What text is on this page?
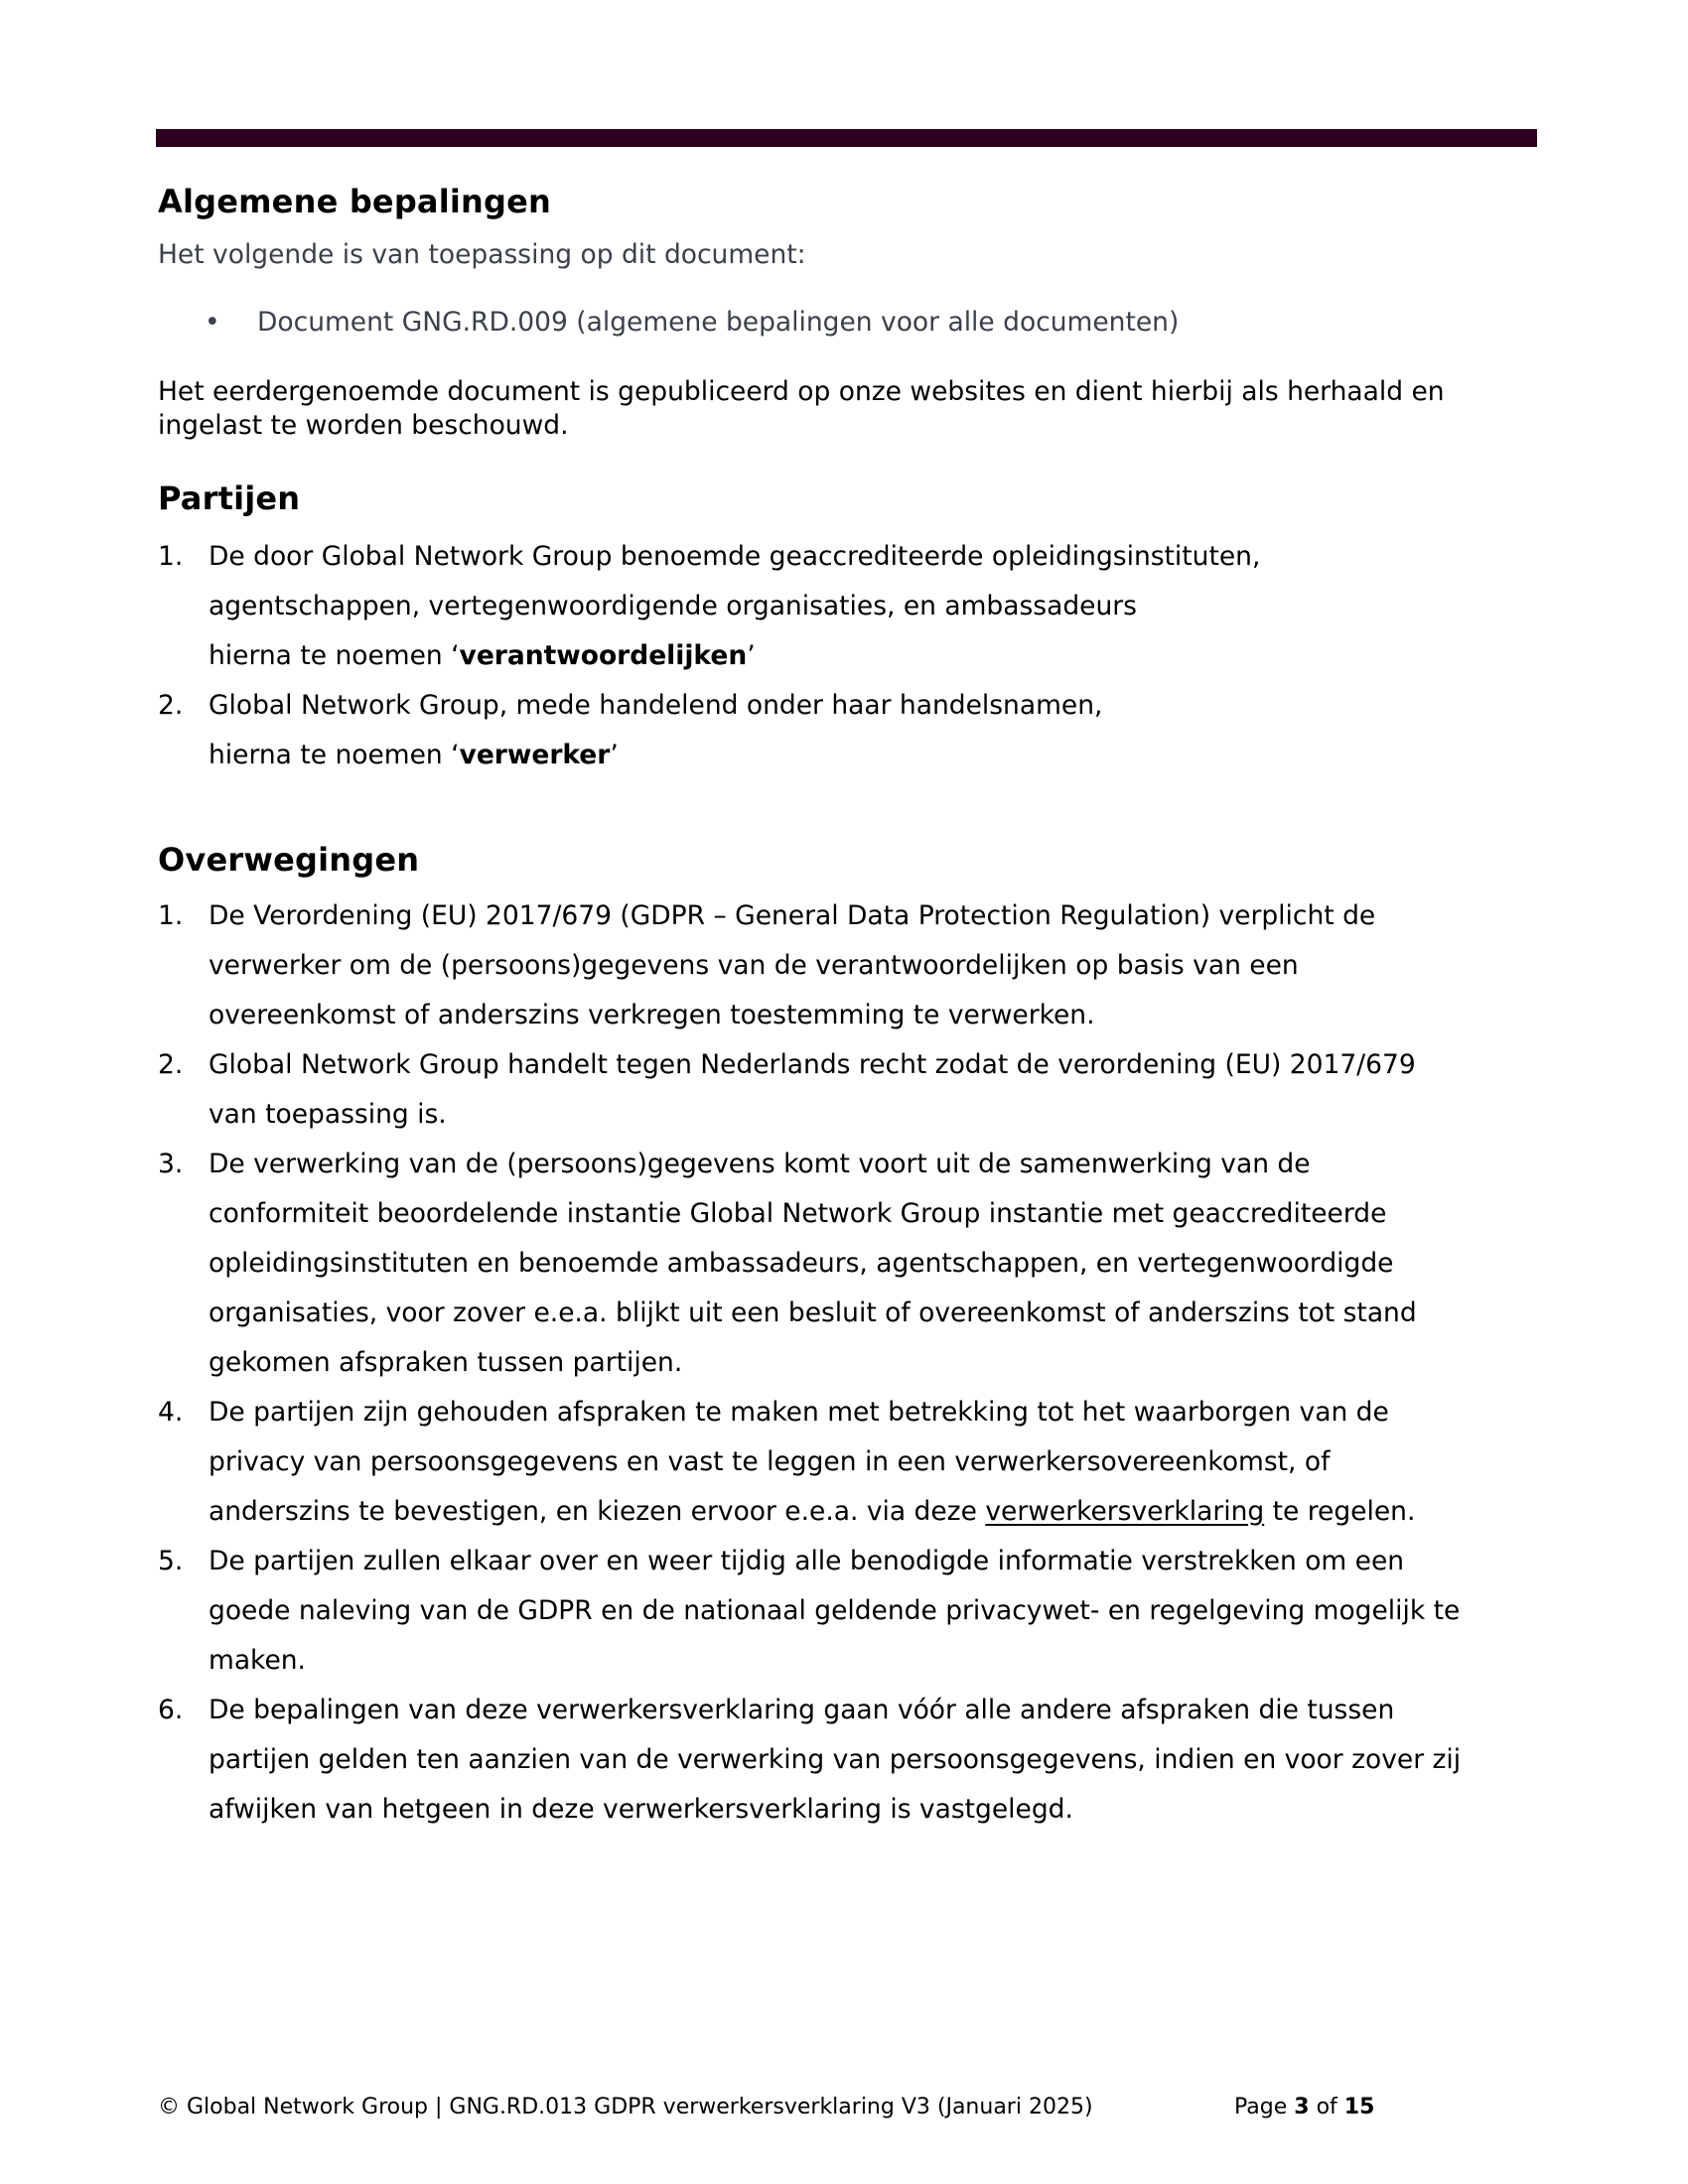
Algemene bepalingen
Het volgende is van toepassing op dit document:
• Document GNG.RD.009 (algemene bepalingen voor alle documenten)
Het eerdergenoemde document is gepubliceerd op onze websites en dient hierbij als herhaald en
ingelast te worden beschouwd.
Partijen
1. De door Global Network Group benoemde geaccrediteerde opleidingsinstituten,
agentschappen, vertegenwoordigende organisaties, en ambassadeurs
hierna te noemen ‘verantwoordelijken’
2. Global Network Group, mede handelend onder haar handelsnamen,
hierna te noemen ‘verwerker’
Overwegingen
1. De Verordening (EU) 2017/679 (GDPR – General Data Protection Regulation) verplicht de
verwerker om de (persoons)gegevens van de verantwoordelijken op basis van een
overeenkomst of anderszins verkregen toestemming te verwerken.
2. Global Network Group handelt tegen Nederlands recht zodat de verordening (EU) 2017/679
van toepassing is.
3. De verwerking van de (persoons)gegevens komt voort uit de samenwerking van de
conformiteit beoordelende instantie Global Network Group instantie met geaccrediteerde
opleidingsinstituten en benoemde ambassadeurs, agentschappen, en vertegenwoordigde
organisaties, voor zover e.e.a. blijkt uit een besluit of overeenkomst of anderszins tot stand
gekomen afspraken tussen partijen.
4. De partijen zijn gehouden afspraken te maken met betrekking tot het waarborgen van de
privacy van persoonsgegevens en vast te leggen in een verwerkersovereenkomst, of
anderszins te bevestigen, en kiezen ervoor e.e.a. via deze verwerkersverklaring te regelen.
5. De partijen zullen elkaar over en weer tijdig alle benodigde informatie verstrekken om een
goede naleving van de GDPR en de nationaal geldende privacywet- en regelgeving mogelijk te
maken.
6. De bepalingen van deze verwerkersverklaring gaan vóór alle andere afspraken die tussen
partijen gelden ten aanzien van de verwerking van persoonsgegevens, indien en voor zover zij
afwijken van hetgeen in deze verwerkersverklaring is vastgelegd.
© Global Network Group | GNG.RD.013 GDPR verwerkersverklaring V3 (Januari 2025)	Page 3 of 15
